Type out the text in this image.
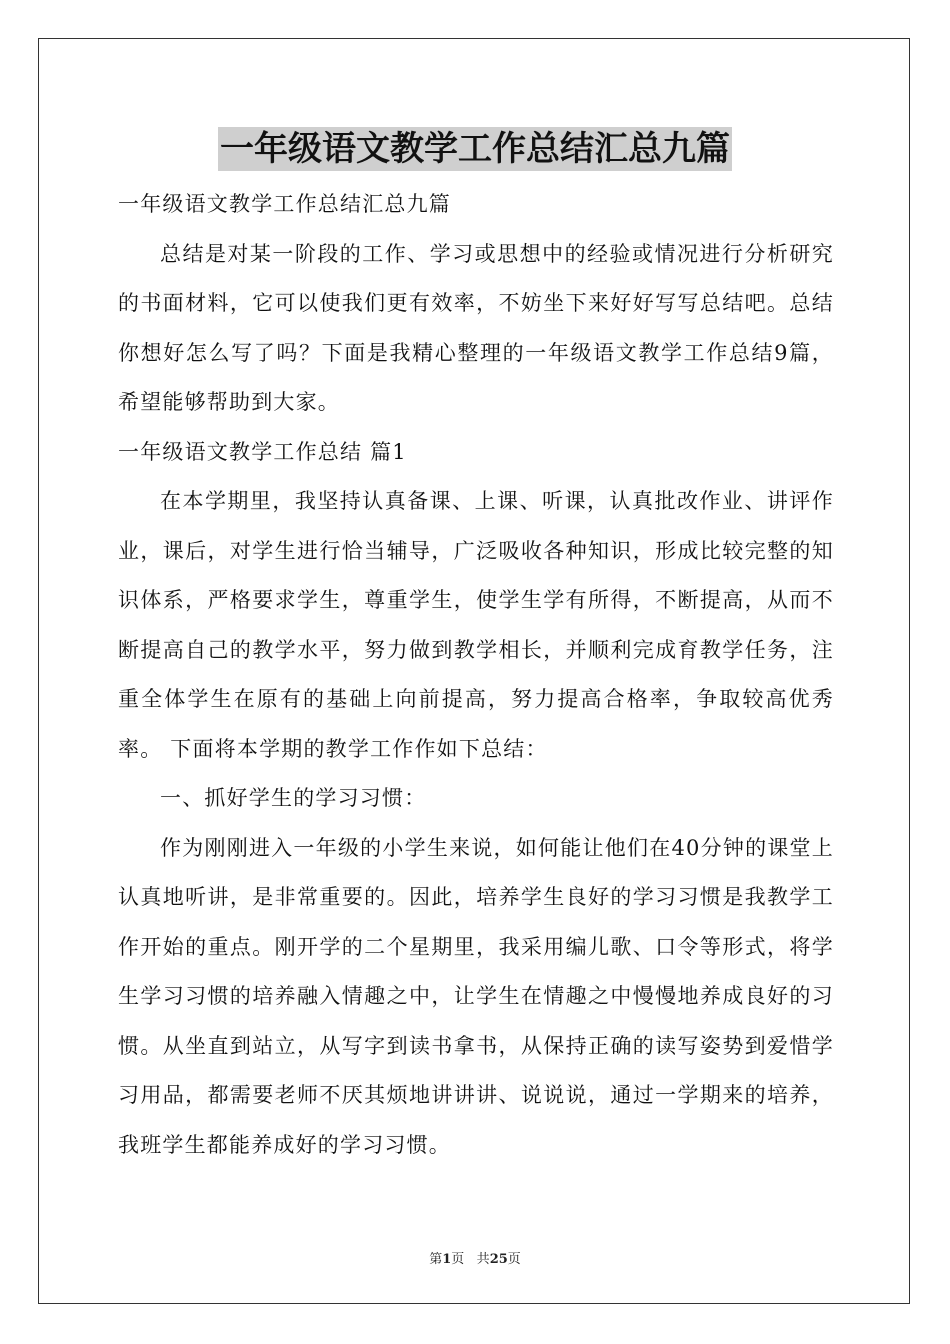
一年级语文教学工作总结汇总九篇

一年级语文教学工作总结汇总九篇

总结是对某一阶段的工作、学习或思想中的经验或情况进行分析研究的书面材料，它可以使我们更有效率，不妨坐下来好好写写总结吧。总结你想好怎么写了吗？下面是我精心整理的一年级语文教学工作总结9篇，希望能够帮助到大家。

一年级语文教学工作总结 篇1

在本学期里，我坚持认真备课、上课、听课，认真批改作业、讲评作业，课后，对学生进行恰当辅导，广泛吸收各种知识，形成比较完整的知识体系，严格要求学生，尊重学生，使学生学有所得，不断提高，从而不断提高自己的教学水平，努力做到教学相长，并顺利完成育教学任务，注重全体学生在原有的基础上向前提高，努力提高合格率，争取较高优秀率。 下面将本学期的教学工作作如下总结：

一、抓好学生的学习习惯：

作为刚刚进入一年级的小学生来说，如何能让他们在40分钟的课堂上认真地听讲，是非常重要的。因此，培养学生良好的学习习惯是我教学工作开始的重点。刚开学的二个星期里，我采用编儿歌、口令等形式，将学生学习习惯的培养融入情趣之中，让学生在情趣之中慢慢地养成良好的习惯。从坐直到站立，从写字到读书拿书，从保持正确的读写姿势到爱惜学习用品，都需要老师不厌其烦地讲讲讲、说说说，通过一学期来的培养，我班学生都能养成好的学习习惯。

第1页 共25页
